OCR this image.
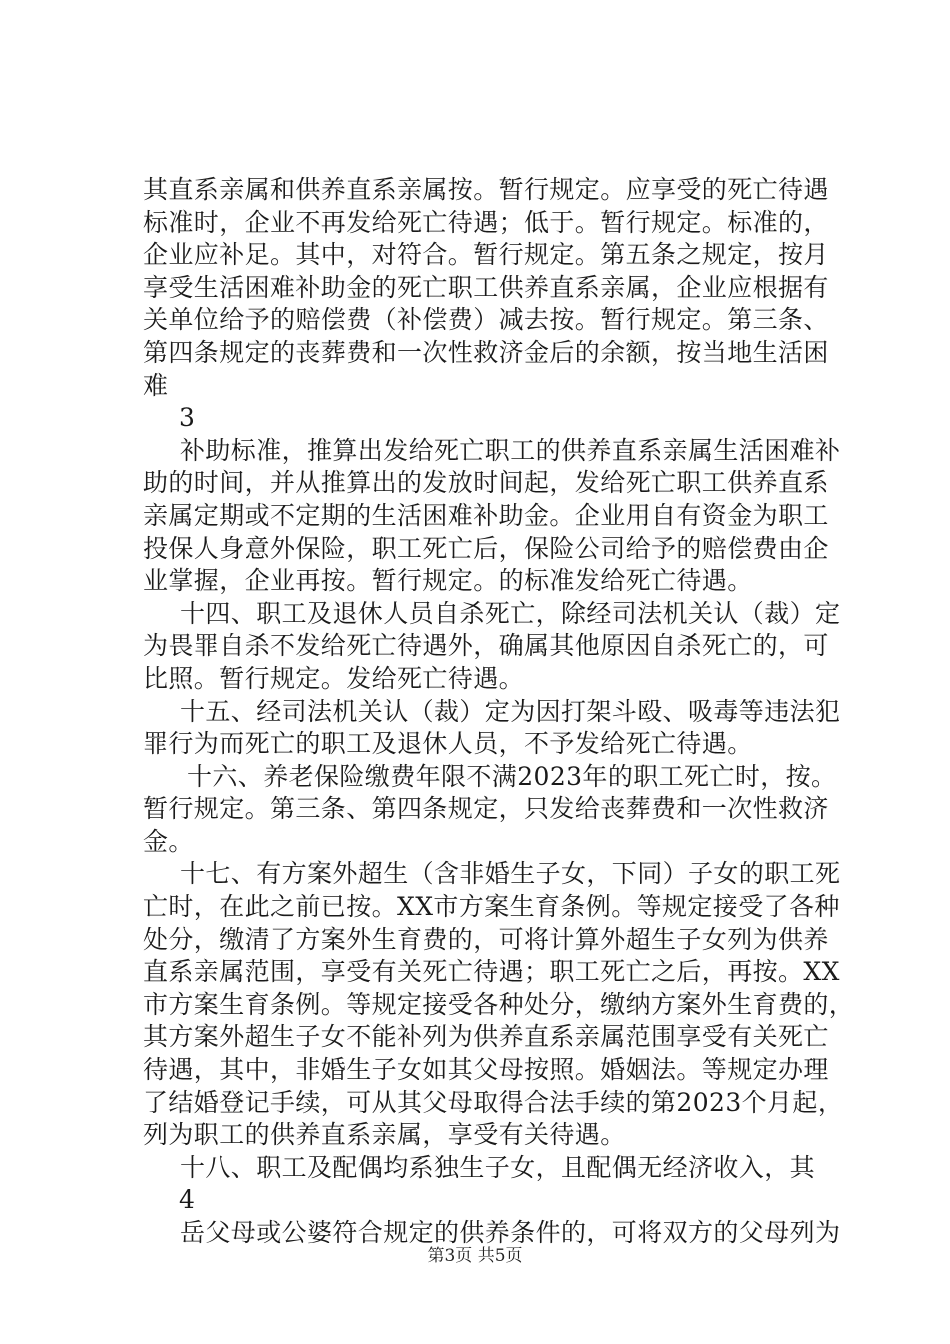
其直系亲属和供养直系亲属按。暂行规定。应享受的死亡待遇
标准时，企业不再发给死亡待遇；低于。暂行规定。标准的，
企业应补足。其中，对符合。暂行规定。第五条之规定，按月
享受生活困难补助金的死亡职工供养直系亲属，企业应根据有
关单位给予的赔偿费（补偿费）减去按。暂行规定。第三条、
第四条规定的丧葬费和一次性救济金后的余额，按当地生活困
难
3
补助标准，推算出发给死亡职工的供养直系亲属生活困难补
助的时间，并从推算出的发放时间起，发给死亡职工供养直系
亲属定期或不定期的生活困难补助金。企业用自有资金为职工
投保人身意外保险，职工死亡后，保险公司给予的赔偿费由企
业掌握，企业再按。暂行规定。的标准发给死亡待遇。
十四、职工及退休人员自杀死亡，除经司法机关认（裁）定
为畏罪自杀不发给死亡待遇外，确属其他原因自杀死亡的，可
比照。暂行规定。发给死亡待遇。
十五、经司法机关认（裁）定为因打架斗殴、吸毒等违法犯
罪行为而死亡的职工及退休人员，不予发给死亡待遇。
十六、养老保险缴费年限不满2023年的职工死亡时，按。
暂行规定。第三条、第四条规定，只发给丧葬费和一次性救济
金。
十七、有方案外超生（含非婚生子女，下同）子女的职工死
亡时，在此之前已按。XX市方案生育条例。等规定接受了各种
处分，缴清了方案外生育费的，可将计算外超生子女列为供养
直系亲属范围，享受有关死亡待遇；职工死亡之后，再按。XX
市方案生育条例。等规定接受各种处分，缴纳方案外生育费的，
其方案外超生子女不能补列为供养直系亲属范围享受有关死亡
待遇，其中，非婚生子女如其父母按照。婚姻法。等规定办理
了结婚登记手续，可从其父母取得合法手续的第2023个月起，
列为职工的供养直系亲属，享受有关待遇。
十八、职工及配偶均系独生子女，且配偶无经济收入，其
4
岳父母或公婆符合规定的供养条件的，可将双方的父母列为
第3页 共5页
